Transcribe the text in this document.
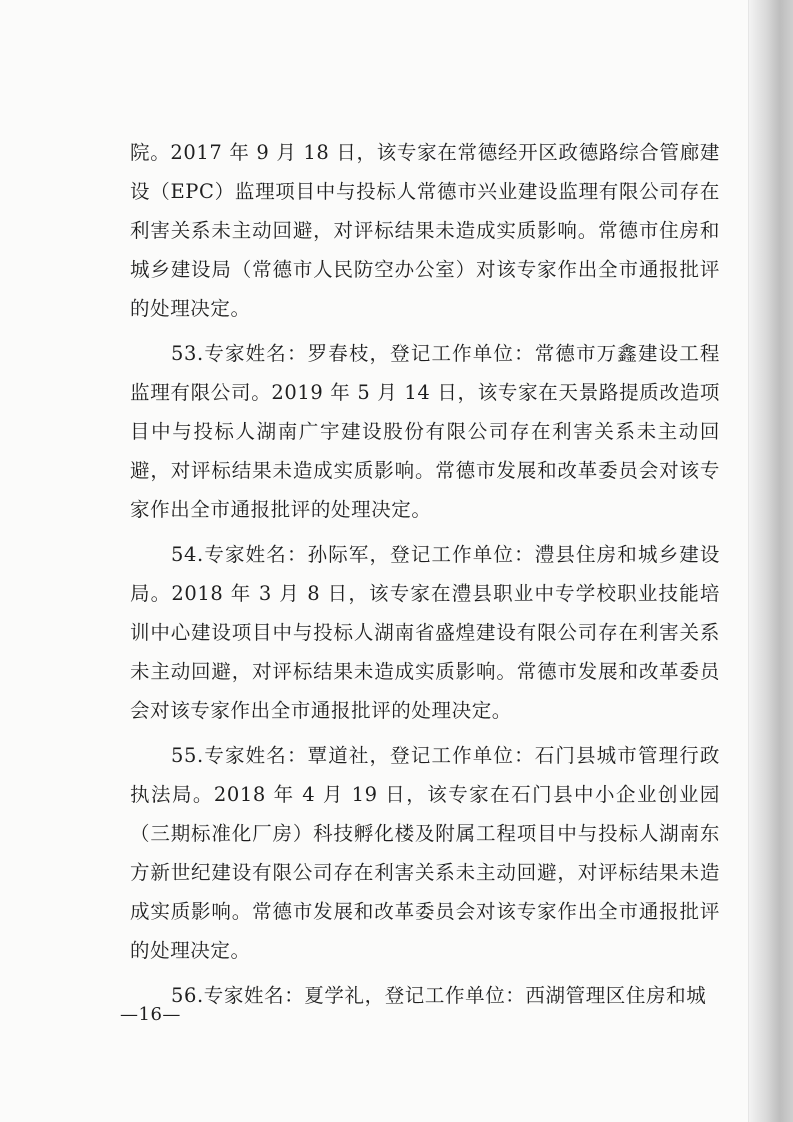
院。2017 年 9 月 18 日，该专家在常德经开区政德路综合管廊建设（EPC）监理项目中与投标人常德市兴业建设监理有限公司存在利害关系未主动回避，对评标结果未造成实质影响。常德市住房和城乡建设局（常德市人民防空办公室）对该专家作出全市通报批评的处理决定。

53.专家姓名：罗春枝，登记工作单位：常德市万鑫建设工程监理有限公司。2019 年 5 月 14 日，该专家在天景路提质改造项目中与投标人湖南广宇建设股份有限公司存在利害关系未主动回避，对评标结果未造成实质影响。常德市发展和改革委员会对该专家作出全市通报批评的处理决定。

54.专家姓名：孙际军，登记工作单位：澧县住房和城乡建设局。2018 年 3 月 8 日，该专家在澧县职业中专学校职业技能培训中心建设项目中与投标人湖南省盛煌建设有限公司存在利害关系未主动回避，对评标结果未造成实质影响。常德市发展和改革委员会对该专家作出全市通报批评的处理决定。

55.专家姓名：覃道社，登记工作单位：石门县城市管理行政执法局。2018 年 4 月 19 日，该专家在石门县中小企业创业园（三期标准化厂房）科技孵化楼及附属工程项目中与投标人湖南东方新世纪建设有限公司存在利害关系未主动回避，对评标结果未造成实质影响。常德市发展和改革委员会对该专家作出全市通报批评的处理决定。

56.专家姓名：夏学礼，登记工作单位：西湖管理区住房和城

—16—
